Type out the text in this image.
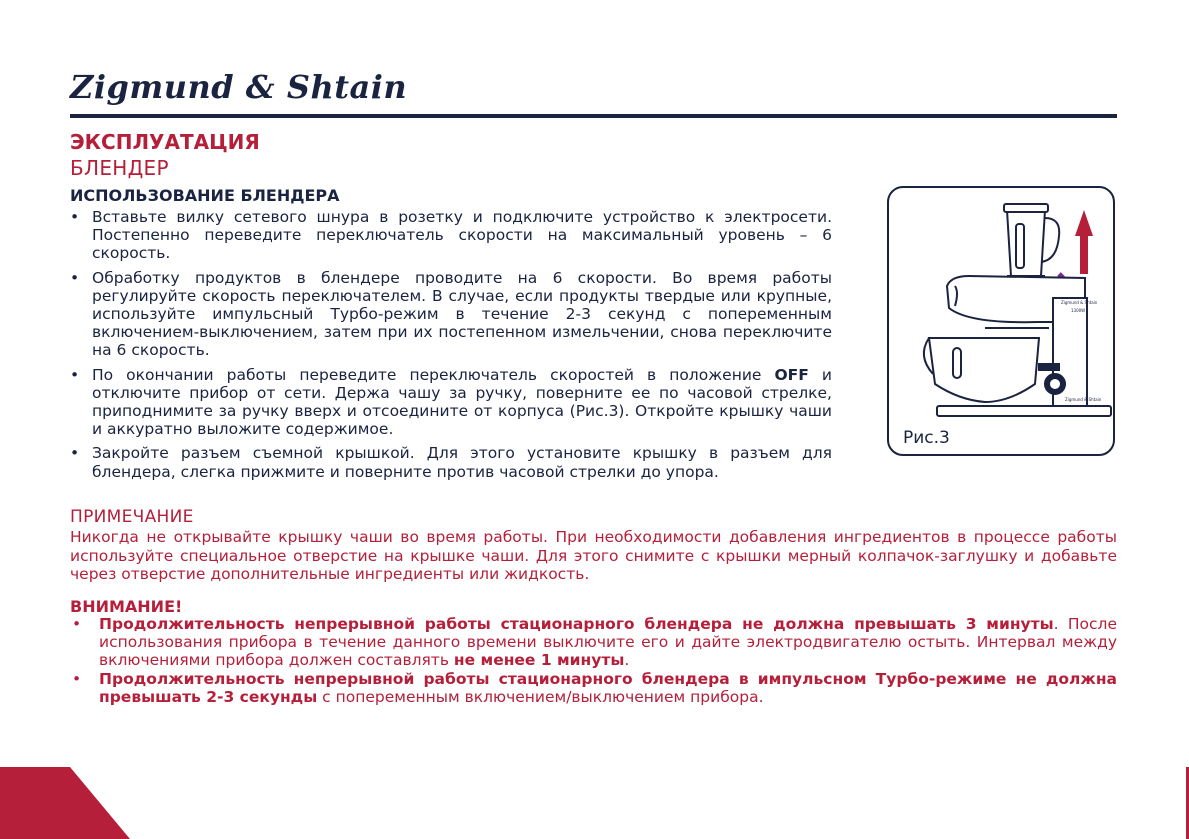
Zigmund & Shtain
ЭКСПЛУАТАЦИЯ
БЛЕНДЕР
ИСПОЛЬЗОВАНИЕ БЛЕНДЕРА
• Вставьте вилку сетевого шнура в розетку и подключите устройство к электросети. Постепенно переведите переключатель скорости на максимальный уровень – 6 скорость.
• Обработку продуктов в блендере проводите на 6 скорости. Во время работы регулируйте скорость переключателем. В случае, если продукты твердые или крупные, используйте импульсный Турбо-режим в течение 2-3 секунд с попеременным включением-выключением, затем при их постепенном измельчении, снова переключите на 6 скорость.
• По окончании работы переведите переключатель скоростей в положение OFF и отключите прибор от сети. Держа чашу за ручку, поверните ее по часовой стрелке, приподнимите за ручку вверх и отсоедините от корпуса (Рис.3). Откройте крышку чаши и аккуратно выложите содержимое.
• Закройте разъем съемной крышкой. Для этого установите крышку в разъем для блендера, слегка прижмите и поверните против часовой стрелки до упора.
Zigmund & Shtain
1300W
Zigmund & Shtain
Рис.3
ПРИМЕЧАНИЕ

Никогда не открывайте крышку чаши во время работы. При необходимости добавления ингредиентов в процессе работы используйте специальное отверстие на крышке чаши. Для этого снимите с крышки мерный колпачок-заглушку и добавьте через отверстие дополнительные ингредиенты или жидкость.

ВНИМАНИЕ!
• Продолжительность непрерывной работы стационарного блендера не должна превышать 3 минуты. После использования прибора в течение данного времени выключите его и дайте электродвигателю остыть. Интервал между включениями прибора должен составлять не менее 1 минуты.
• Продолжительность непрерывной работы стационарного блендера в импульсном Турбо-режиме не должна превышать 2-3 секунды с попеременным включением/выключением прибора.
